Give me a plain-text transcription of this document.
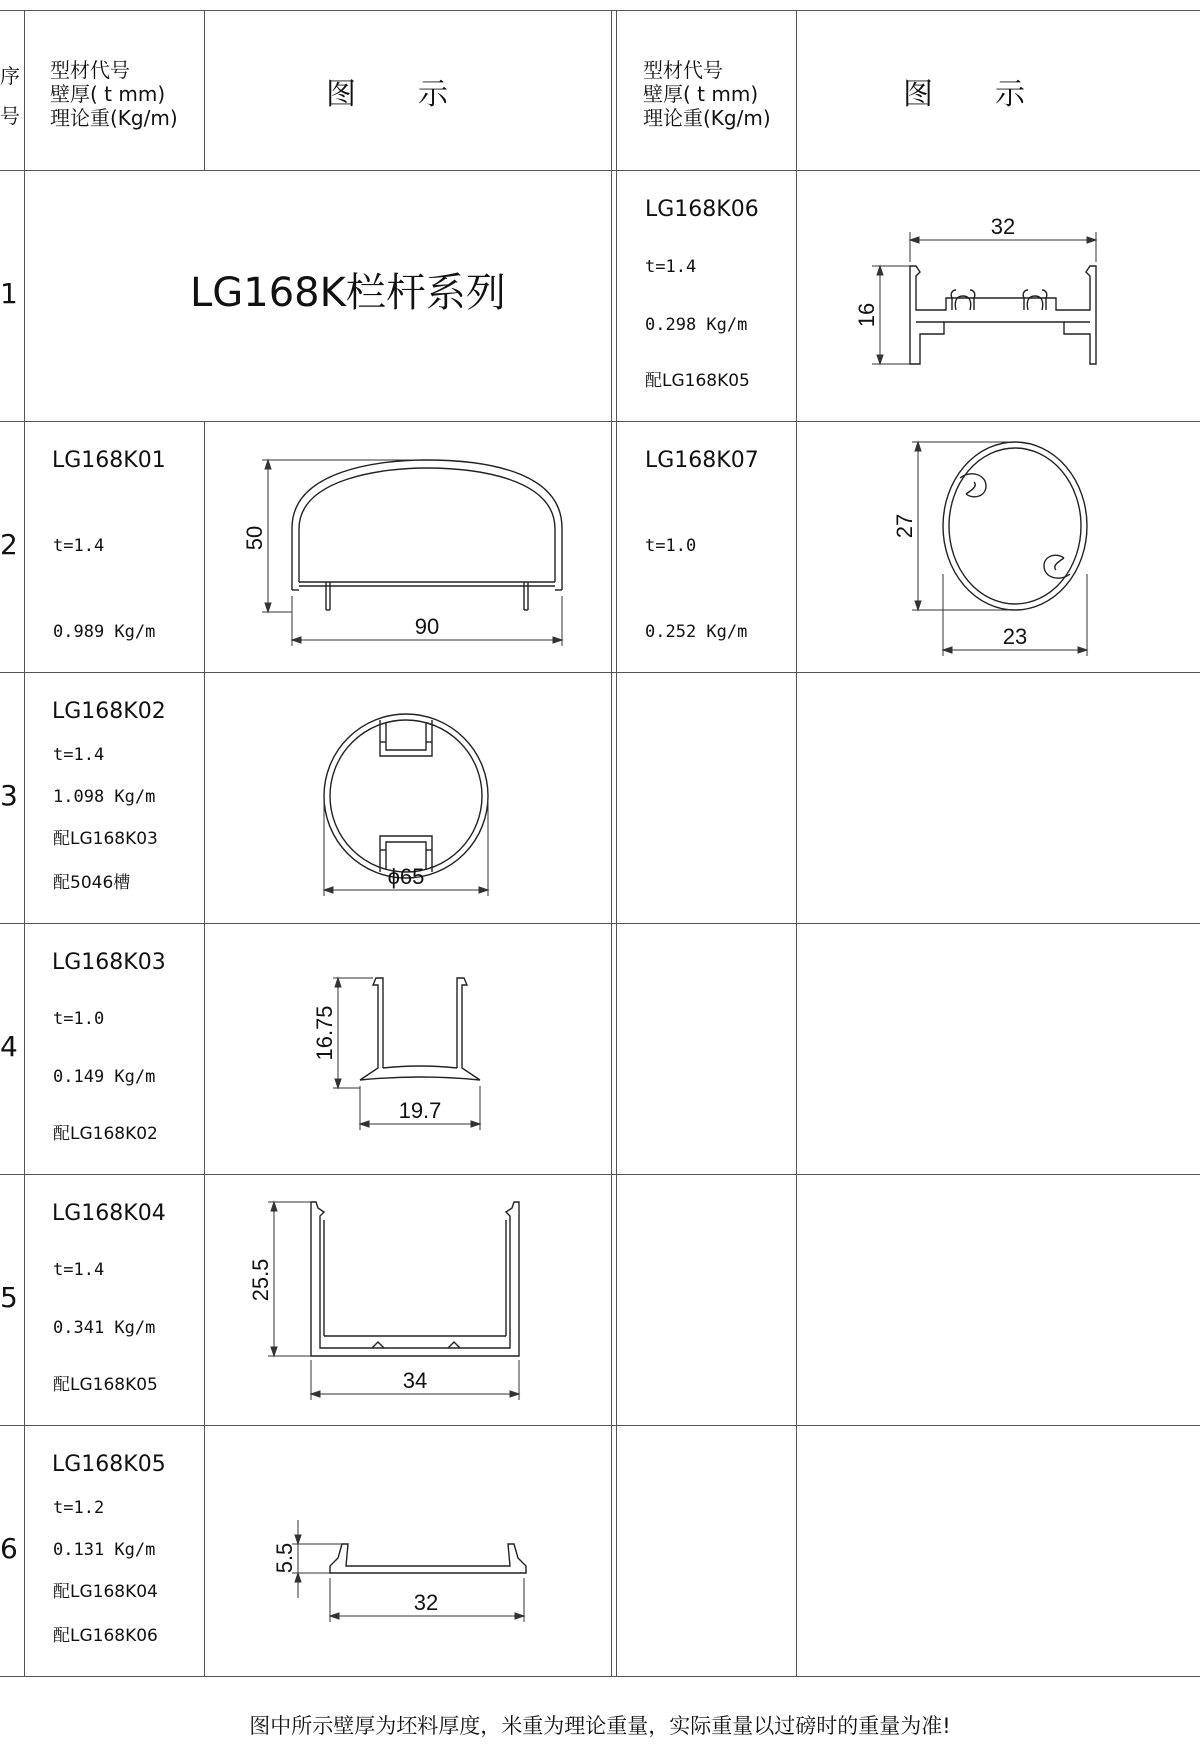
序
号
型材代号
壁厚( t mm)
理论重(Kg/m)
图 示
型材代号
壁厚( t mm)
理论重(Kg/m)
图 示
1
2
3
4
5
6
LG168K栏杆系列
LG168K01
t=1.4
0.989 Kg/m
LG168K02
t=1.4
1.098 Kg/m
配LG168K03
配5046槽
LG168K03
t=1.0
0.149 Kg/m
配LG168K02
LG168K04
t=1.4
0.341 Kg/m
配LG168K05
LG168K05
t=1.2
0.131 Kg/m
配LG168K04
配LG168K06
LG168K06
t=1.4
0.298 Kg/m
配LG168K05
LG168K07
t=1.0
0.252 Kg/m
50
90
ϕ65
16.75
19.7
25.5
34
5.5
32
32
16
27
23
图中所示壁厚为坯料厚度，米重为理论重量，实际重量以过磅时的重量为准!
